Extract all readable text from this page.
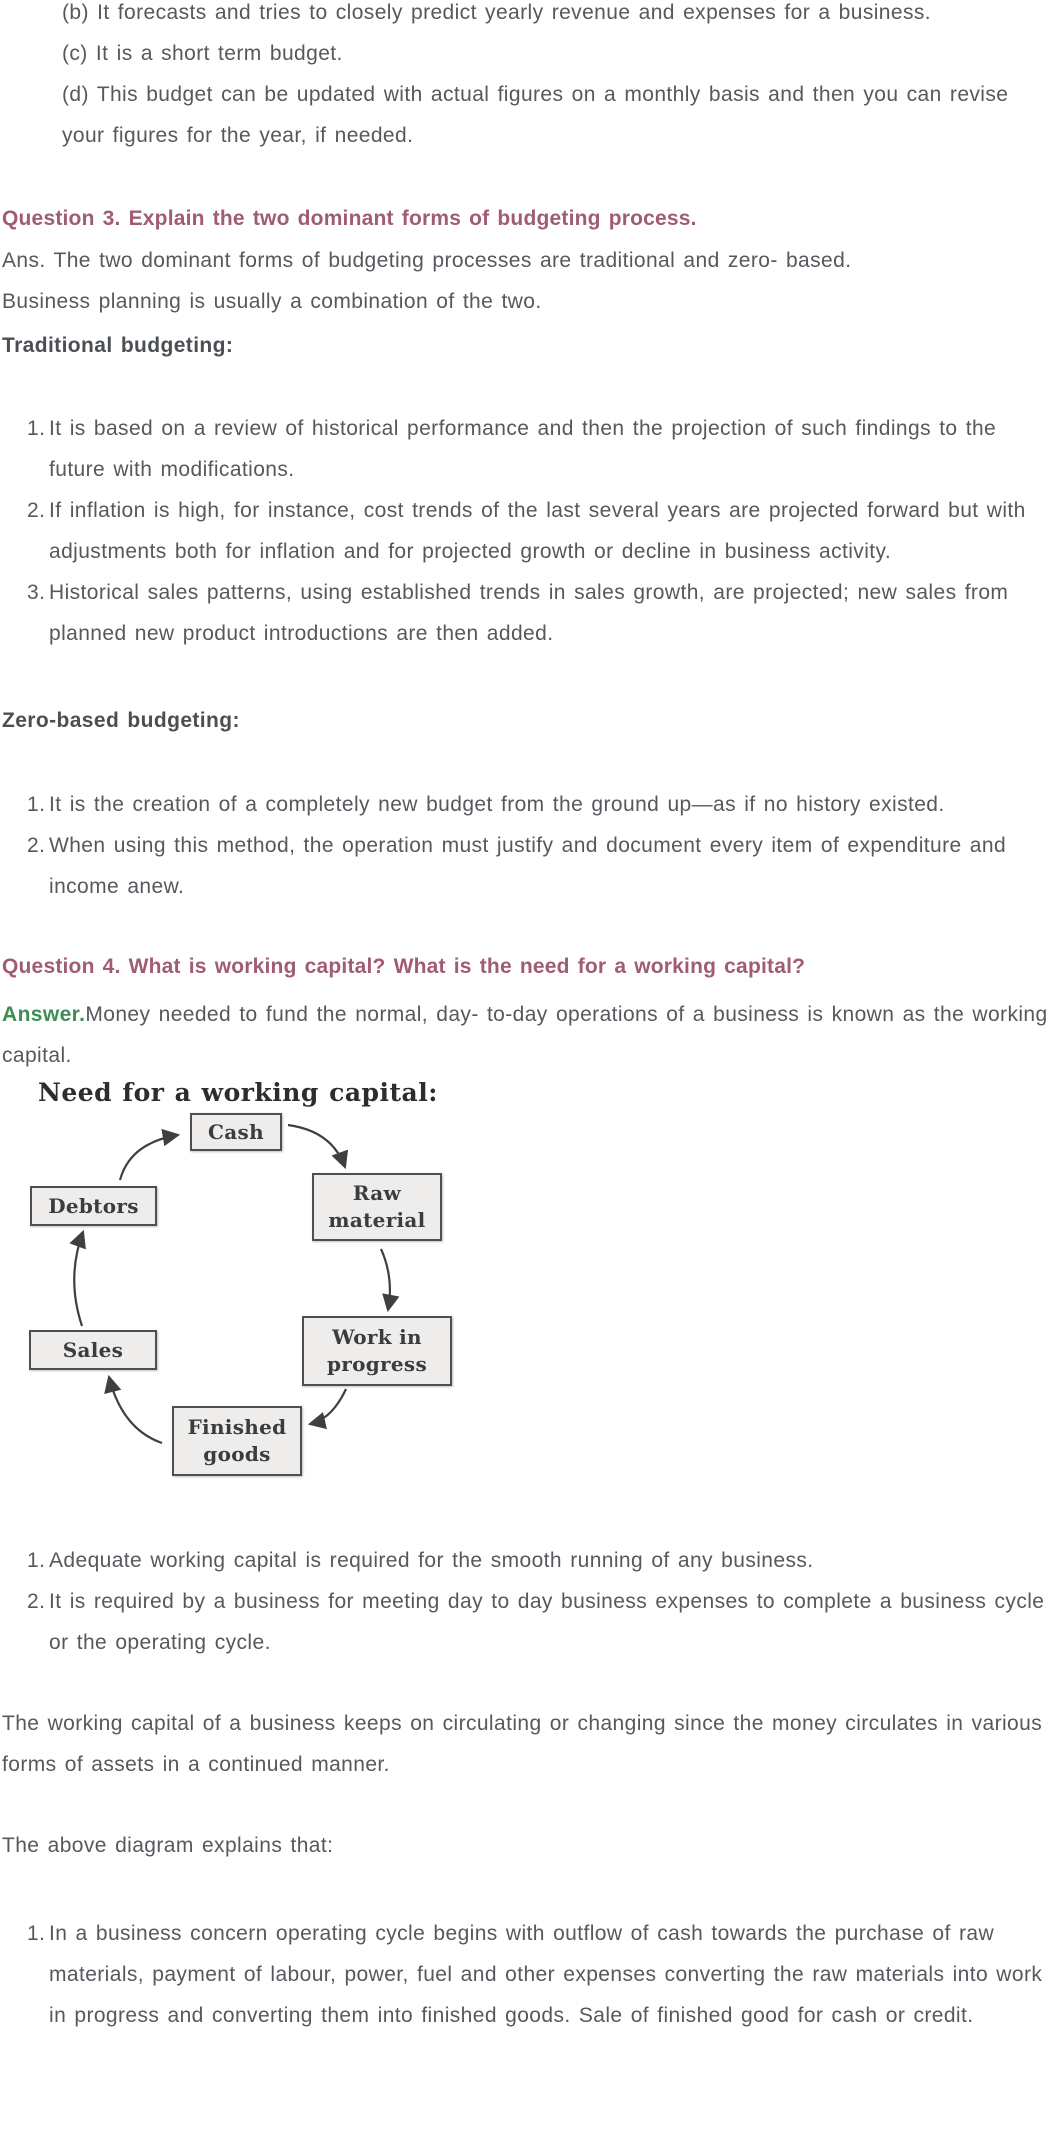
(b) It forecasts and tries to closely predict yearly revenue and expenses for a business.
(c) It is a short term budget.
(d) This budget can be updated with actual figures on a monthly basis and then you can revise your figures for the year, if needed.
Question 3. Explain the two dominant forms of budgeting process.
Ans. The two dominant forms of budgeting processes are traditional and zero- based.
Business planning is usually a combination of the two.
Traditional budgeting:
1. It is based on a review of historical performance and then the projection of such findings to the future with modifications.
2. If inflation is high, for instance, cost trends of the last several years are projected forward but with adjustments both for inflation and for projected growth or decline in business activity.
3. Historical sales patterns, using established trends in sales growth, are projected; new sales from planned new product introductions are then added.
Zero-based budgeting:
1. It is the creation of a completely new budget from the ground up—as if no history existed.
2. When using this method, the operation must justify and document every item of expenditure and income anew.
Question 4. What is working capital? What is the need for a working capital?
Answer.Money needed to fund the normal, day- to-day operations of a business is known as the working capital.
Need for a working capital:
Cash
Raw material
Debtors
Work in progress
Sales
Finished goods
1. Adequate working capital is required for the smooth running of any business.
2. It is required by a business for meeting day to day business expenses to complete a business cycle or the operating cycle.
The working capital of a business keeps on circulating or changing since the money circulates in various forms of assets in a continued manner.
The above diagram explains that:
1. In a business concern operating cycle begins with outflow of cash towards the purchase of raw materials, payment of labour, power, fuel and other expenses converting the raw materials into work in progress and converting them into finished goods. Sale of finished good for cash or credit.
